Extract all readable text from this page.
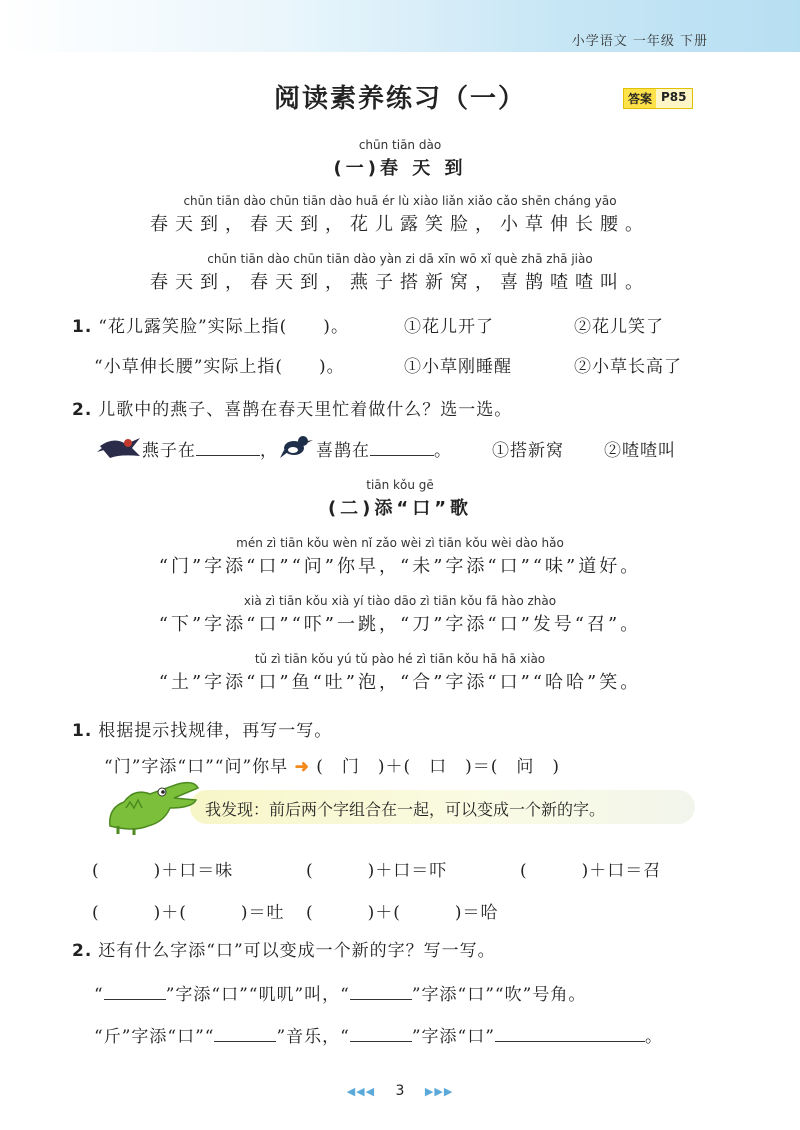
小学语文 一年级 下册
阅读素养练习（一）	答案 P85
chūn tiān dào
(一)春 天 到
chūn tiān dào chūn tiān dào huā ér lù xiào liǎn xiǎo cǎo shēn cháng yāo
春天到，春天到，花儿露笑脸，小草伸长腰。
chūn tiān dào chūn tiān dào yàn zi dā xīn wō xǐ què zhā zhā jiào
春天到，春天到，燕子搭新窝，喜鹊喳喳叫。
1. “花儿露笑脸”实际上指(　　)。	①花儿开了	②花儿笑了
“小草伸长腰”实际上指(　　)。	①小草刚睡醒	②小草长高了
2. 儿歌中的燕子、喜鹊在春天里忙着做什么？选一选。
燕子在	， 喜鹊在	。 ①搭新窝 ②喳喳叫
tiān kǒu gē
(二)添“口”歌
mén zì tiān kǒu wèn nǐ zǎo wèi zì tiān kǒu wèi dào hǎo
“门”字添“口”“问”你早，“未”字添“口”“味”道好。
xià zì tiān kǒu xià yí tiào dāo zì tiān kǒu fā hào zhào
“下”字添“口”“吓”一跳，“刀”字添“口”发号“召”。
tǔ zì tiān kǒu yú tǔ pào hé zì tiān kǒu hā hā xiào
“土”字添“口”鱼“吐”泡，“合”字添“口”“哈哈”笑。
1. 根据提示找规律，再写一写。
“门”字添“口”“问”你早 ➜ (　门　)＋(　口　)＝(　问　)
我发现：前后两个字组合在一起，可以变成一个新的字。
(　　　)＋口＝味	(　　　)＋口＝吓	(　　　)＋口＝召
(　　　)＋(　　　)＝吐 (　　　)＋(　　　)＝哈
2. 还有什么字添“口”可以变成一个新的字？写一写。
“	”字添“口”“叽叽”叫，“	”字添“口”“吹”号角。
“斤”字添“口”“	”音乐，“	”字添“口”	。
◀◀◀ 3 ▶▶▶
